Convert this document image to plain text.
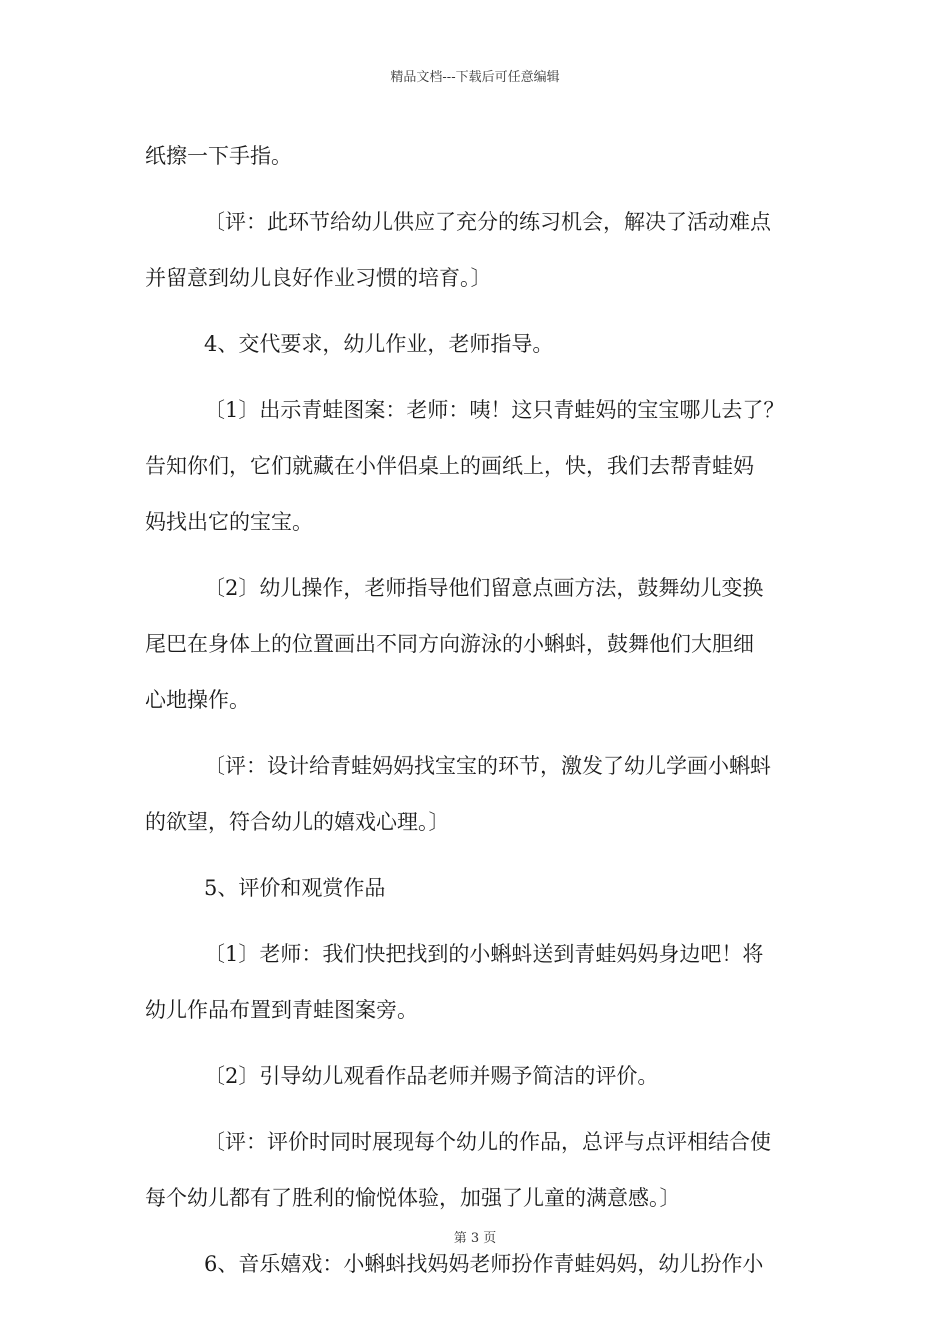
精品文档---下载后可任意编辑
纸擦一下手指。
〔评：此环节给幼儿供应了充分的练习机会，解决了活动难点
并留意到幼儿良好作业习惯的培育。〕
4、交代要求，幼儿作业，老师指导。
〔1〕出示青蛙图案：老师：咦！这只青蛙妈的宝宝哪儿去了？
告知你们，它们就藏在小伴侣桌上的画纸上，快，我们去帮青蛙妈
妈找出它的宝宝。
〔2〕幼儿操作，老师指导他们留意点画方法，鼓舞幼儿变换
尾巴在身体上的位置画出不同方向游泳的小蝌蚪，鼓舞他们大胆细
心地操作。
〔评：设计给青蛙妈妈找宝宝的环节，激发了幼儿学画小蝌蚪
的欲望，符合幼儿的嬉戏心理。〕
5、评价和观赏作品
〔1〕老师：我们快把找到的小蝌蚪送到青蛙妈妈身边吧！将
幼儿作品布置到青蛙图案旁。
〔2〕引导幼儿观看作品老师并赐予简洁的评价。
〔评：评价时同时展现每个幼儿的作品，总评与点评相结合使
每个幼儿都有了胜利的愉悦体验，加强了儿童的满意感。〕
6、音乐嬉戏：小蝌蚪找妈妈老师扮作青蛙妈妈，幼儿扮作小
第 3 页
